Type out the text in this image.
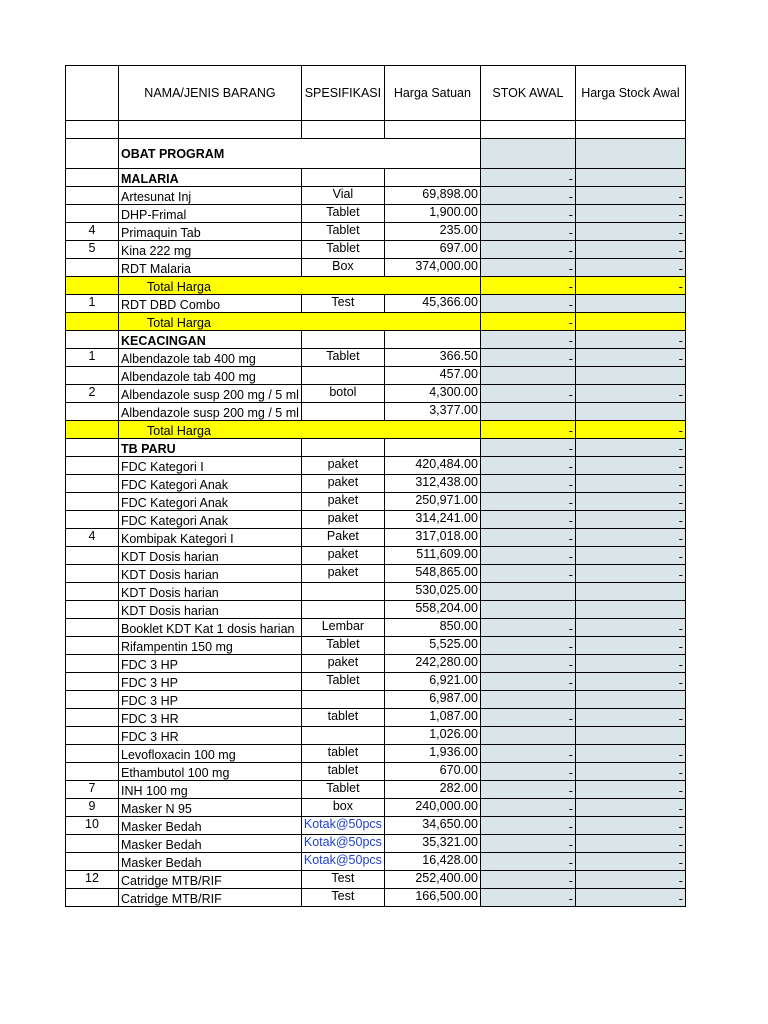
	NAMA/JENIS BARANG	SPESIFIKASI	Harga Satuan	STOK AWAL	Harga Stock Awal

	OBAT PROGRAM				
	MALARIA			-	
	Artesunat Inj	Vial	69,898.00	-	-
	DHP-Frimal	Tablet	1,900.00	-	-
4	Primaquin Tab	Tablet	235.00	-	-
5	Kina 222 mg	Tablet	697.00	-	-
	RDT Malaria	Box	374,000.00	-	-
	Total Harga			-	-
1	RDT DBD Combo	Test	45,366.00	-	
	Total Harga			-	
	KECACINGAN			-	-
1	Albendazole tab 400 mg	Tablet	366.50	-	-
	Albendazole tab 400 mg		457.00		
2	Albendazole susp 200 mg / 5 ml	botol	4,300.00	-	-
	Albendazole susp 200 mg / 5 ml		3,377.00		
	Total Harga			-	-
	TB PARU			-	-
	FDC Kategori I	paket	420,484.00	-	-
	FDC Kategori Anak	paket	312,438.00	-	-
	FDC Kategori Anak	paket	250,971.00	-	-
	FDC Kategori Anak	paket	314,241.00	-	-
4	Kombipak Kategori I	Paket	317,018.00	-	-
	KDT Dosis harian	paket	511,609.00	-	-
	KDT Dosis harian	paket	548,865.00	-	-
	KDT Dosis harian		530,025.00		
	KDT Dosis harian		558,204.00		
	Booklet KDT Kat 1 dosis harian	Lembar	850.00	-	-
	Rifampentin 150 mg	Tablet	5,525.00	-	-
	FDC 3 HP	paket	242,280.00	-	-
	FDC 3 HP	Tablet	6,921.00	-	-
	FDC 3 HP		6,987.00		
	FDC 3 HR	tablet	1,087.00	-	-
	FDC 3 HR		1,026.00		
	Levofloxacin 100 mg	tablet	1,936.00	-	-
	Ethambutol 100 mg	tablet	670.00	-	-
7	INH 100 mg	Tablet	282.00	-	-
9	Masker N 95	box	240,000.00	-	-
10	Masker Bedah	Kotak@50pcs	34,650.00	-	-
	Masker Bedah	Kotak@50pcs	35,321.00	-	-
	Masker Bedah	Kotak@50pcs	16,428.00	-	-
12	Catridge MTB/RIF	Test	252,400.00	-	-
	Catridge MTB/RIF	Test	166,500.00	-	-
